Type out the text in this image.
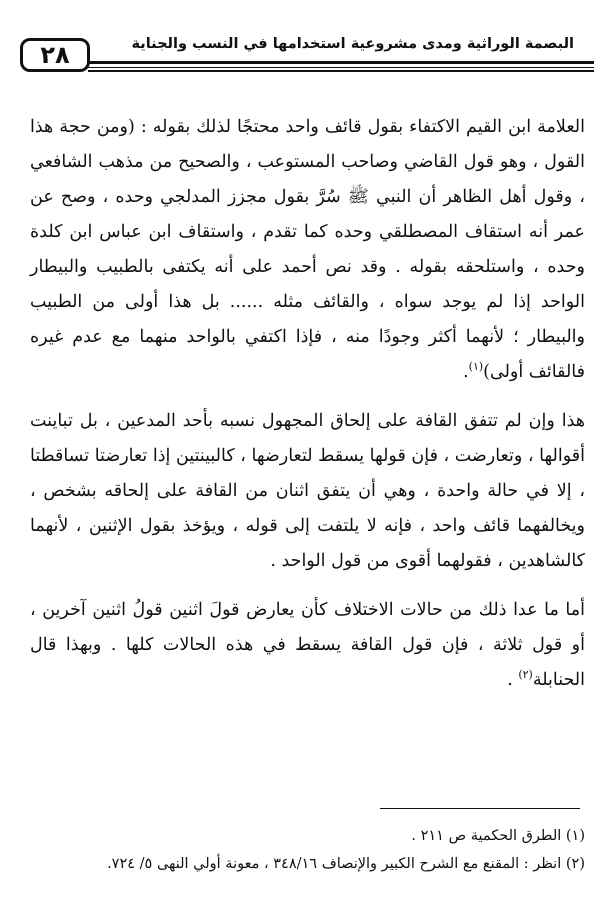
٢٨	البصمة الوراثية ومدى مشروعية استخدامها في النسب والجناية

العلامة ابن القيم الاكتفاء بقول قائف واحد محتجًا لذلك بقوله : (ومن حجة هذا القول ، وهو قول القاضي وصاحب المستوعب ، والصحيح من مذهب الشافعي ، وقول أهل الظاهر أن النبي ﷺ سُرَّ بقول مجزز المدلجي وحده ، وصح عن عمر أنه استقاف المصطلقي وحده كما تقدم ، واستقاف ابن عباس ابن كلدة وحده ، واستلحقه بقوله . وقد نص أحمد على أنه يكتفى بالطبيب والبيطار الواحد إذا لم يوجد سواه ، والقائف مثله ...... بل هذا أولى من الطبيب والبيطار ؛ لأنهما أكثر وجودًا منه ، فإذا اكتفي بالواحد منهما مع عدم غيره فالقائف أولى)$^{(١)}$.

هذا وإن لم تتفق القافة على إلحاق المجهول نسبه بأحد المدعين ، بل تباينت أقوالها ، وتعارضت ، فإن قولها يسقط لتعارضها ، كالبينتين إذا تعارضتا تساقطتا ، إلا في حالة واحدة ، وهي أن يتفق اثنان من القافة على إلحاقه بشخص ، ويخالفهما قائف واحد ، فإنه لا يلتفت إلى قوله ، ويؤخذ بقول الإثنين ، لأنهما كالشاهدين ، فقولهما أقوى من قول الواحد .

أما ما عدا ذلك من حالات الاختلاف كأن يعارض قولَ اثنين قولُ اثنين آخرين ، أو قول ثلاثة ، فإن قول القافة يسقط في هذه الحالات كلها . وبهذا قال الحنابلة$^{(٢)}$ .

(١) الطرق الحكمية ص ٢١١ .
(٢) انظر : المقنع مع الشرح الكبير والإنصاف ٣٤٨/١٦ ، معونة أولي النهى ٥/ ٧٢٤.
